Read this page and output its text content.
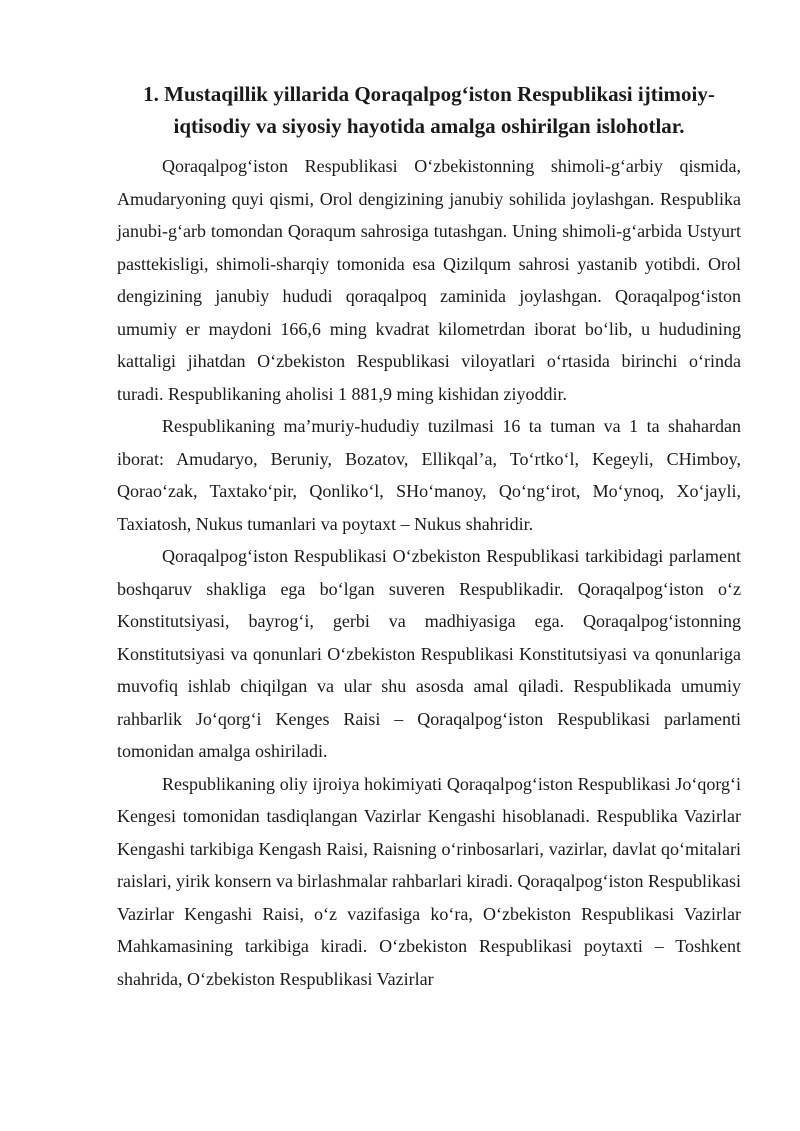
1. Mustaqillik yillarida Qoraqalpog‘iston Respublikasi ijtimoiy-iqtisodiy va siyosiy hayotida amalga oshirilgan islohotlar.

Qoraqalpog‘iston Respublikasi O‘zbekistonning shimoli-g‘arbiy qismida, Amudaryoning quyi qismi, Orol dengizining janubiy sohilida joylashgan. Respublika janubi-g‘arb tomondan Qoraqum sahrosiga tutashgan. Uning shimoli-g‘arbida Ustyurt pasttekisligi, shimoli-sharqiy tomonida esa Qizilqum sahrosi yastanib yotibdi. Orol dengizining janubiy hududi qoraqalpoq zaminida joylashgan. Qoraqalpog‘iston umumiy er maydoni 166,6 ming kvadrat kilometrdan iborat bo‘lib, u hududining kattaligi jihatdan O‘zbekiston Respublikasi viloyatlari o‘rtasida birinchi o‘rinda turadi. Respublikaning aholisi 1 881,9 ming kishidan ziyoddir.

Respublikaning ma’muriy-hududiy tuzilmasi 16 ta tuman va 1 ta shahardan iborat: Amudaryo, Beruniy, Bozatov, Ellikqal’a, To‘rtko‘l, Kegeyli, CHimboy, Qorao‘zak, Taxtako‘pir, Qonliko‘l, SHo‘manoy, Qo‘ng‘irot, Mo‘ynoq, Xo‘jayli, Taxiatosh, Nukus tumanlari va poytaxt – Nukus shahridir.

Qoraqalpog‘iston Respublikasi O‘zbekiston Respublikasi tarkibidagi parlament boshqaruv shakliga ega bo‘lgan suveren Respublikadir. Qoraqalpog‘iston o‘z Konstitutsiyasi, bayrog‘i, gerbi va madhiyasiga ega. Qoraqalpog‘istonning Konstitutsiyasi va qonunlari O‘zbekiston Respublikasi Konstitutsiyasi va qonunlariga muvofiq ishlab chiqilgan va ular shu asosda amal qiladi. Respublikada umumiy rahbarlik Jo‘qorg‘i Kenges Raisi – Qoraqalpog‘iston Respublikasi parlamenti tomonidan amalga oshiriladi.

Respublikaning oliy ijroiya hokimiyati Qoraqalpog‘iston Respublikasi Jo‘qorg‘i Kengesi tomonidan tasdiqlangan Vazirlar Kengashi hisoblanadi. Respublika Vazirlar Kengashi tarkibiga Kengash Raisi, Raisning o‘rinbosarlari, vazirlar, davlat qo‘mitalari raislari, yirik konsern va birlashmalar rahbarlari kiradi. Qoraqalpog‘iston Respublikasi Vazirlar Kengashi Raisi, o‘z vazifasiga ko‘ra, O‘zbekiston Respublikasi Vazirlar Mahkamasining tarkibiga kiradi. O‘zbekiston Respublikasi poytaxti – Toshkent shahrida, O‘zbekiston Respublikasi Vazirlar
